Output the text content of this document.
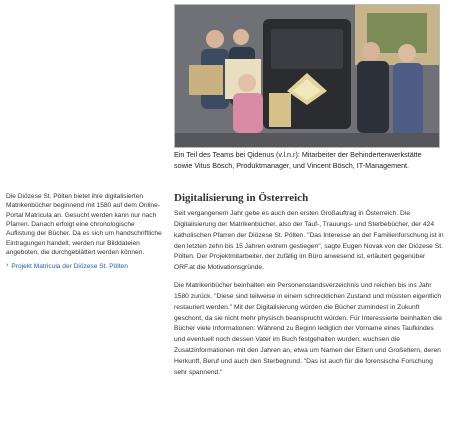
Die Diözese St. Pölten bietet ihre digitalisierten Matrikenbücher beginnend mit 1580 auf dem Online-Portal Matricula an. Gesucht werden kann nur nach Pfarren. Danach erfolgt eine chronologische Auflistung der Bücher. Da es sich um handschriftliche Eintragungen handelt, werden nur Bilddateien angeboten, die durchgeblättert werden können.

› Projekt Matricula der Diözese St. Pölten
Ein Teil des Teams bei Qidenus (v.l.n.r): Mitarbeiter der Behindertenwerkstätte sowie Vitus Bösch, Produktmanager, und Vincent Bösch, IT-Management.
Digitalisierung in Österreich

Seit vergangenem Jahr gebe es auch den ersten Großauftrag in Österreich. Die Digitalisierung der Matrikenbücher, also der Tauf-, Trauungs- und Sterbebücher, der 424 katholischen Pfarren der Diözese St. Pölten. "Das Interesse an der Familienforschung ist in den letzten zehn bis 15 Jahren extrem gestiegen", sagte Eugen Novak von der Diözese St. Pölten. Der Projektmitarbeiter, der zufällig im Büro anwesend ist, erläutert gegenüber ORF.at die Motivationsgründe.

Die Matrikenbücher beinhalten ein Personenstandsverzeichnis und reichen bis ins Jahr 1580 zurück. "Diese sind teilweise in einem schrecklichen Zustand und müssten eigentlich restauriert werden." Mit der Digitalisierung würden die Bücher zumindest in Zukunft geschont, da sie nicht mehr physisch beansprucht würden. Für Interessierte beinhalten die Bücher viele Informationen: Während zu Beginn lediglich der Vorname eines Taufkindes und eventuell noch dessen Vater im Buch festgehalten wurden, wuchsen die Zusatzinformationen mit den Jahren an, etwa um Namen der Eltern und Großeltern, deren Herkunft, Beruf und auch den Sterbegrund. "Das ist auch für die forensische Forschung sehr spannend."
